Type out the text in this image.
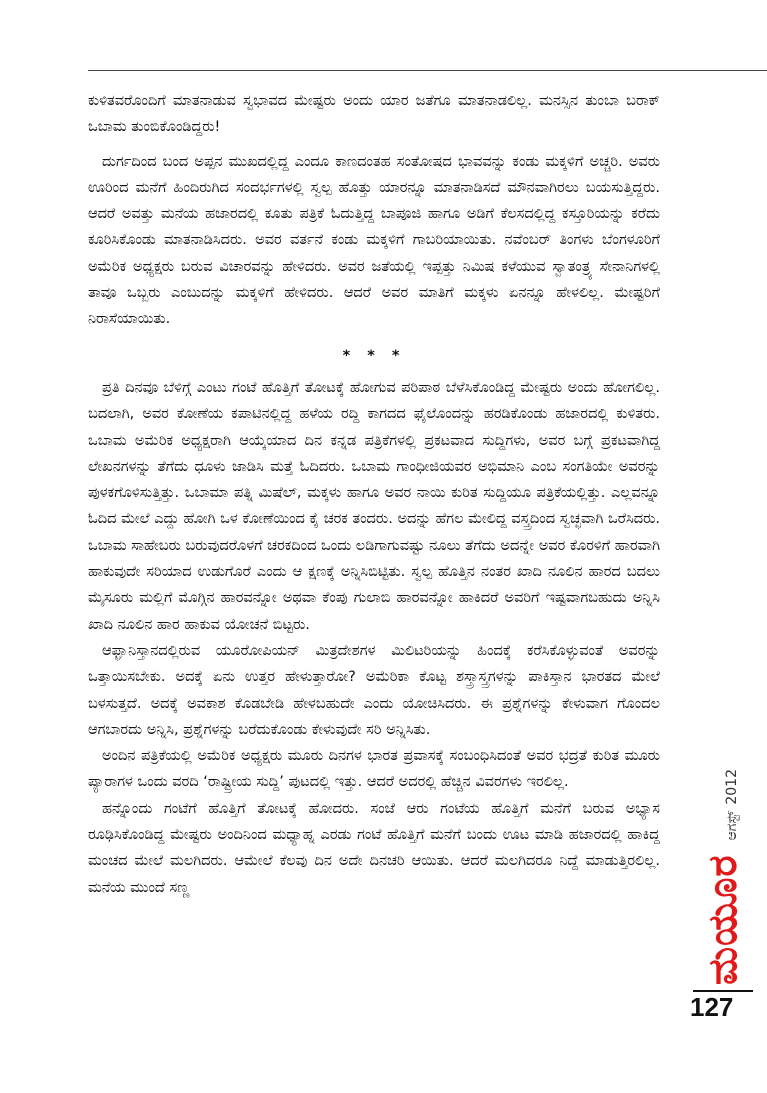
ಕುಳಿತವರೊಂದಿಗೆ ಮಾತನಾಡುವ ಸ್ವಭಾವದ ಮೇಷ್ಟರು ಅಂದು ಯಾರ ಜತೆಗೂ ಮಾತನಾಡಲಿಲ್ಲ. ಮನಸ್ಸಿನ ತುಂಬಾ ಬರಾಕ್ ಒಬಾಮ ತುಂಬಿಕೊಂಡಿದ್ದರು!

ದುರ್ಗದಿಂದ ಬಂದ ಅಪ್ಪನ ಮುಖದಲ್ಲಿದ್ದ ಎಂದೂ ಕಾಣದಂತಹ ಸಂತೋಷದ ಭಾವವನ್ನು ಕಂಡು ಮಕ್ಕಳಿಗೆ ಅಚ್ಚರಿ. ಅವರು ಊರಿಂದ ಮನೆಗೆ ಹಿಂದಿರುಗಿದ ಸಂದರ್ಭಗಳಲ್ಲಿ ಸ್ವಲ್ಪ ಹೊತ್ತು ಯಾರನ್ನೂ ಮಾತನಾಡಿಸದೆ ಮೌನವಾಗಿರಲು ಬಯಸುತ್ತಿದ್ದರು. ಆದರೆ ಅವತ್ತು ಮನೆಯ ಹಜಾರದಲ್ಲಿ ಕೂತು ಪತ್ರಿಕೆ ಓದುತ್ತಿದ್ದ ಬಾಪೂಜಿ ಹಾಗೂ ಅಡಿಗೆ ಕೆಲಸದಲ್ಲಿದ್ದ ಕಸ್ತೂರಿಯನ್ನು ಕರೆದು ಕೂರಿಸಿಕೊಂಡು ಮಾತನಾಡಿಸಿದರು. ಅವರ ವರ್ತನೆ ಕಂಡು ಮಕ್ಕಳಿಗೆ ಗಾಬರಿಯಾಯಿತು. ನವೆಂಬರ್ ತಿಂಗಳು ಬೆಂಗಳೂರಿಗೆ ಅಮೆರಿಕ ಅಧ್ಯಕ್ಷರು ಬರುವ ವಿಚಾರವನ್ನು ಹೇಳಿದರು. ಅವರ ಜತೆಯಲ್ಲಿ ಇಪ್ಪತ್ತು ನಿಮಿಷ ಕಳೆಯುವ ಸ್ವಾತಂತ್ರ್ಯ ಸೇನಾನಿಗಳಲ್ಲಿ ತಾವೂ ಒಬ್ಬರು ಎಂಬುದನ್ನು ಮಕ್ಕಳಿಗೆ ಹೇಳಿದರು. ಆದರೆ ಅವರ ಮಾತಿಗೆ ಮಕ್ಕಳು ಏನನ್ನೂ ಹೇಳಲಿಲ್ಲ. ಮೇಷ್ಟರಿಗೆ ನಿರಾಸೆಯಾಯಿತು.

* * *

ಪ್ರತಿ ದಿನವೂ ಬೆಳಿಗ್ಗೆ ಎಂಟು ಗಂಟೆ ಹೊತ್ತಿಗೆ ತೋಟಕ್ಕೆ ಹೋಗುವ ಪರಿಪಾಠ ಬೆಳೆಸಿಕೊಂಡಿದ್ದ ಮೇಷ್ಟರು ಅಂದು ಹೋಗಲಿಲ್ಲ. ಬದಲಾಗಿ, ಅವರ ಕೋಣೆಯ ಕಪಾಟಿನಲ್ಲಿದ್ದ ಹಳೆಯ ರದ್ದಿ ಕಾಗದದ ಫೈಲೊಂದನ್ನು ಹರಡಿಕೊಂಡು ಹಜಾರದಲ್ಲಿ ಕುಳಿತರು. ಒಬಾಮ ಅಮೆರಿಕ ಅಧ್ಯಕ್ಷರಾಗಿ ಆಯ್ಕೆಯಾದ ದಿನ ಕನ್ನಡ ಪತ್ರಿಕೆಗಳಲ್ಲಿ ಪ್ರಕಟವಾದ ಸುದ್ದಿಗಳು, ಅವರ ಬಗ್ಗೆ ಪ್ರಕಟವಾಗಿದ್ದ ಲೇಖನಗಳನ್ನು ತೆಗೆದು ಧೂಳು ಜಾಡಿಸಿ ಮತ್ತೆ ಓದಿದರು. ಒಬಾಮ ಗಾಂಧೀಜಿಯವರ ಅಭಿಮಾನಿ ಎಂಬ ಸಂಗತಿಯೇ ಅವರನ್ನು ಪುಳಕಗೊಳಿಸುತ್ತಿತ್ತು. ಒಬಾಮಾ ಪತ್ನಿ ಮಿಷೆಲ್, ಮಕ್ಕಳು ಹಾಗೂ ಅವರ ನಾಯಿ ಕುರಿತ ಸುದ್ದಿಯೂ ಪತ್ರಿಕೆಯಲ್ಲಿತ್ತು. ಎಲ್ಲವನ್ನೂ ಓದಿದ ಮೇಲೆ ಎದ್ದು ಹೋಗಿ ಒಳ ಕೋಣೆಯಿಂದ ಕೈ ಚರಕ ತಂದರು. ಅದನ್ನು ಹೆಗಲ ಮೇಲಿದ್ದ ವಸ್ತ್ರದಿಂದ ಸ್ವಚ್ಛವಾಗಿ ಒರೆಸಿದರು. ಒಬಾಮ ಸಾಹೇಬರು ಬರುವುದರೊಳಗೆ ಚರಕದಿಂದ ಒಂದು ಲಡಿಗಾಗುವಷ್ಟು ನೂಲು ತೆಗೆದು ಅದನ್ನೇ ಅವರ ಕೊರಳಿಗೆ ಹಾರವಾಗಿ ಹಾಕುವುದೇ ಸರಿಯಾದ ಉಡುಗೊರೆ ಎಂದು ಆ ಕ್ಷಣಕ್ಕೆ ಅನ್ನಿಸಿಬಿಟ್ಟಿತು. ಸ್ವಲ್ಪ ಹೊತ್ತಿನ ನಂತರ ಖಾದಿ ನೂಲಿನ ಹಾರದ ಬದಲು ಮೈಸೂರು ಮಲ್ಲಿಗೆ ಮೊಗ್ಗಿನ ಹಾರವನ್ನೋ ಅಥವಾ ಕೆಂಪು ಗುಲಾಬಿ ಹಾರವನ್ನೋ ಹಾಕಿದರೆ ಅವರಿಗೆ ಇಷ್ಟವಾಗಬಹುದು ಅನ್ನಿಸಿ ಖಾದಿ ನೂಲಿನ ಹಾರ ಹಾಕುವ ಯೋಚನೆ ಬಿಟ್ಟರು.

ಆಫ್ಘಾನಿಸ್ತಾನದಲ್ಲಿರುವ ಯೂರೋಪಿಯನ್ ಮಿತ್ರದೇಶಗಳ ಮಿಲಿಟರಿಯನ್ನು ಹಿಂದಕ್ಕೆ ಕರೆಸಿಕೊಳ್ಳುವಂತೆ ಅವರನ್ನು ಒತ್ತಾಯಿಸಬೇಕು. ಅದಕ್ಕೆ ಏನು ಉತ್ತರ ಹೇಳುತ್ತಾರೋ? ಅಮೆರಿಕಾ ಕೊಟ್ಟ ಶಸ್ತ್ರಾಸ್ತ್ರಗಳನ್ನು ಪಾಕಿಸ್ತಾನ ಭಾರತದ ಮೇಲೆ ಬಳಸುತ್ತದೆ. ಅದಕ್ಕೆ ಅವಕಾಶ ಕೊಡಬೇಡಿ ಹೇಳಬಹುದೇ ಎಂದು ಯೋಚಿಸಿದರು. ಈ ಪ್ರಶ್ನೆಗಳನ್ನು ಕೇಳುವಾಗ ಗೊಂದಲ ಆಗಬಾರದು ಅನ್ನಿಸಿ, ಪ್ರಶ್ನೆಗಳನ್ನು ಬರೆದುಕೊಂಡು ಕೇಳುವುದೇ ಸರಿ ಅನ್ನಿಸಿತು.

ಅಂದಿನ ಪತ್ರಿಕೆಯಲ್ಲಿ ಅಮೆರಿಕ ಅಧ್ಯಕ್ಷರು ಮೂರು ದಿನಗಳ ಭಾರತ ಪ್ರವಾಸಕ್ಕೆ ಸಂಬಂಧಿಸಿದಂತೆ ಅವರ ಭದ್ರತೆ ಕುರಿತ ಮೂರು ಪ್ಯಾರಾಗಳ ಒಂದು ವರದಿ ‘ರಾಷ್ಟ್ರೀಯ ಸುದ್ದಿ’ ಪುಟದಲ್ಲಿ ಇತ್ತು. ಆದರೆ ಅದರಲ್ಲಿ ಹೆಚ್ಚಿನ ವಿವರಗಳು ಇರಲಿಲ್ಲ.

ಹನ್ನೊಂದು ಗಂಟೆಗೆ ಹೊತ್ತಿಗೆ ತೋಟಕ್ಕೆ ಹೋದರು. ಸಂಜೆ ಆರು ಗಂಟೆಯ ಹೊತ್ತಿಗೆ ಮನೆಗೆ ಬರುವ ಅಭ್ಯಾಸ ರೂಢಿಸಿಕೊಂಡಿದ್ದ ಮೇಷ್ಟರು ಅಂದಿನಿಂದ ಮಧ್ಯಾಹ್ನ ಎರಡು ಗಂಟೆ ಹೊತ್ತಿಗೆ ಮನೆಗೆ ಬಂದು ಊಟ ಮಾಡಿ ಹಜಾರದಲ್ಲಿ ಹಾಕಿದ್ದ ಮಂಚದ ಮೇಲೆ ಮಲಗಿದರು. ಆಮೇಲೆ ಕೆಲವು ದಿನ ಅದೇ ದಿನಚರಿ ಆಯಿತು. ಆದರೆ ಮಲಗಿದರೂ ನಿದ್ದೆ ಮಾಡುತ್ತಿರಲಿಲ್ಲ. ಮನೆಯ ಮುಂದೆ ಸಣ್ಣ	ಮಯೂರ
ಆಗಸ್ಟ್
2012
127
